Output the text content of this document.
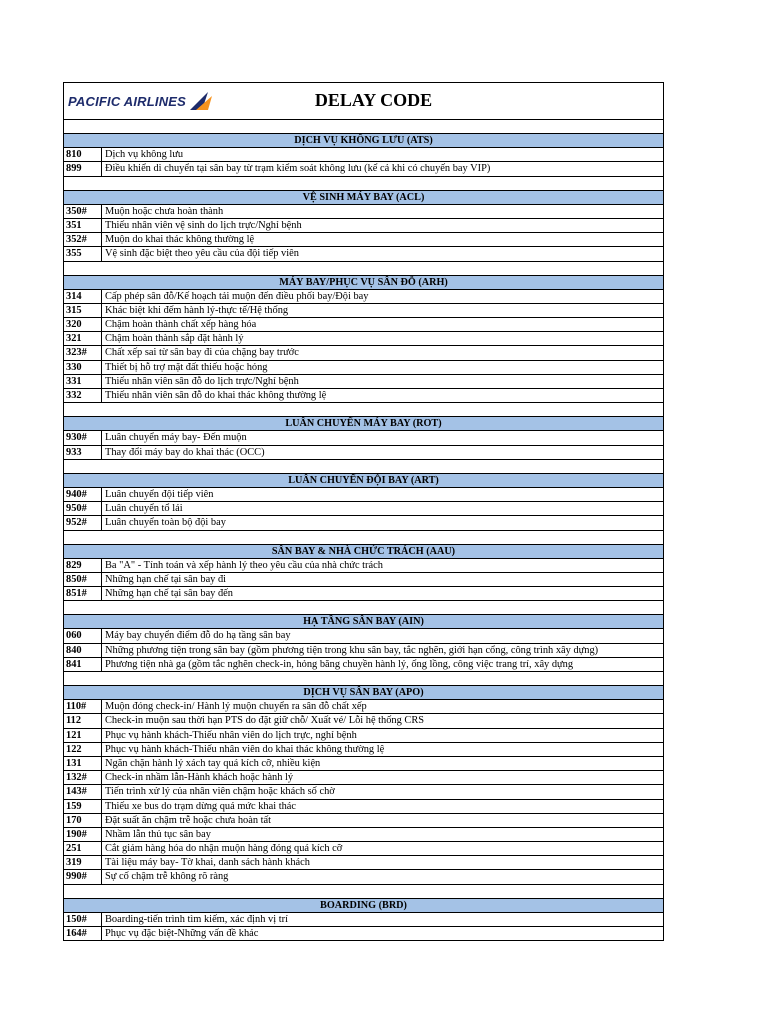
PACIFIC AIRLINES	DELAY CODE
DỊCH VỤ KHÔNG LƯU (ATS)
810	Dịch vụ không lưu
899	Điều khiển di chuyển tại sân bay từ trạm kiểm soát không lưu (kể cả khi có chuyến bay VIP)
VỆ SINH MÁY BAY (ACL)
350#	Muộn hoặc chưa hoàn thành
351	Thiếu nhân viên vệ sinh do lịch trực/Nghỉ bệnh
352#	Muộn do khai thác không thường lệ
355	Vệ sinh đặc biệt theo yêu cầu của đội tiếp viên
MÁY BAY/PHỤC VỤ SÂN ĐỖ (ARH)
314	Cấp phép sân đỗ/Kế hoạch tải muộn đến điều phối bay/Đội bay
315	Khác biệt khi đếm hành lý-thực tế/Hệ thống
320	Chậm hoàn thành chất xếp hàng hóa
321	Chậm hoàn thành sắp đặt hành lý
323#	Chất xếp sai từ sân bay đi của chặng bay trước
330	Thiết bị hỗ trợ mặt đất thiếu hoặc hỏng
331	Thiếu nhân viên sân đỗ do lịch trực/Nghỉ bệnh
332	Thiếu nhân viên sân đỗ do khai thác không thường lệ
LUÂN CHUYỂN MÁY BAY (ROT)
930#	Luân chuyển máy bay- Đến muộn
933	Thay đổi máy bay do khai thác (OCC)
LUÂN CHUYỂN ĐỘI BAY (ART)
940#	Luân chuyển đội tiếp viên
950#	Luân chuyển tổ lái
952#	Luân chuyển toàn bộ đội bay
SÂN BAY & NHÀ CHỨC TRÁCH (AAU)
829	Ba "A" - Tính toán và xếp hành lý theo yêu cầu của nhà chức trách
850#	Những hạn chế tại sân bay đi
851#	Những hạn chế tại sân bay đến
HẠ TẦNG SÂN BAY (AIN)
060	Máy bay chuyển điểm đỗ do hạ tầng sân bay
840	Những phương tiện trong sân bay (gồm phương tiện trong khu sân bay, tắc nghẽn, giới hạn cổng, công trình xây dựng)
841	Phương tiện nhà ga (gồm tắc nghẽn check-in, hỏng băng chuyền hành lý, ống lồng, công việc trang trí, xây dựng
DỊCH VỤ SÂN BAY (APO)
110#	Muộn đóng check-in/ Hành lý muộn chuyển ra sân đỗ chất xếp
112	Check-in muộn sau thời hạn PTS do đặt giữ chỗ/ Xuất vé/ Lỗi hệ thống CRS
121	Phục vụ hành khách-Thiếu nhân viên do lịch trực, nghỉ bệnh
122	Phục vụ hành khách-Thiếu nhân viên do khai thác không thường lệ
131	Ngăn chặn hành lý xách tay quá kích cỡ, nhiều kiện
132#	Check-in nhầm lẫn-Hành khách hoặc hành lý
143#	Tiến trình xử lý của nhân viên chậm hoặc khách số chờ
159	Thiếu xe bus do trạm dừng quá mức khai thác
170	Đặt suất ăn chậm trễ hoặc chưa hoàn tất
190#	Nhầm lẫn thủ tục sân bay
251	Cắt giảm hàng hóa do nhận muộn hàng đóng quá kích cỡ
319	Tài liệu máy bay- Tờ khai, danh sách hành khách
990#	Sự cố chậm trễ không rõ ràng
BOARDING (BRD)
150#	Boarding-tiến trình tìm kiếm, xác định vị trí
164#	Phục vụ đặc biệt-Những vấn đề khác
